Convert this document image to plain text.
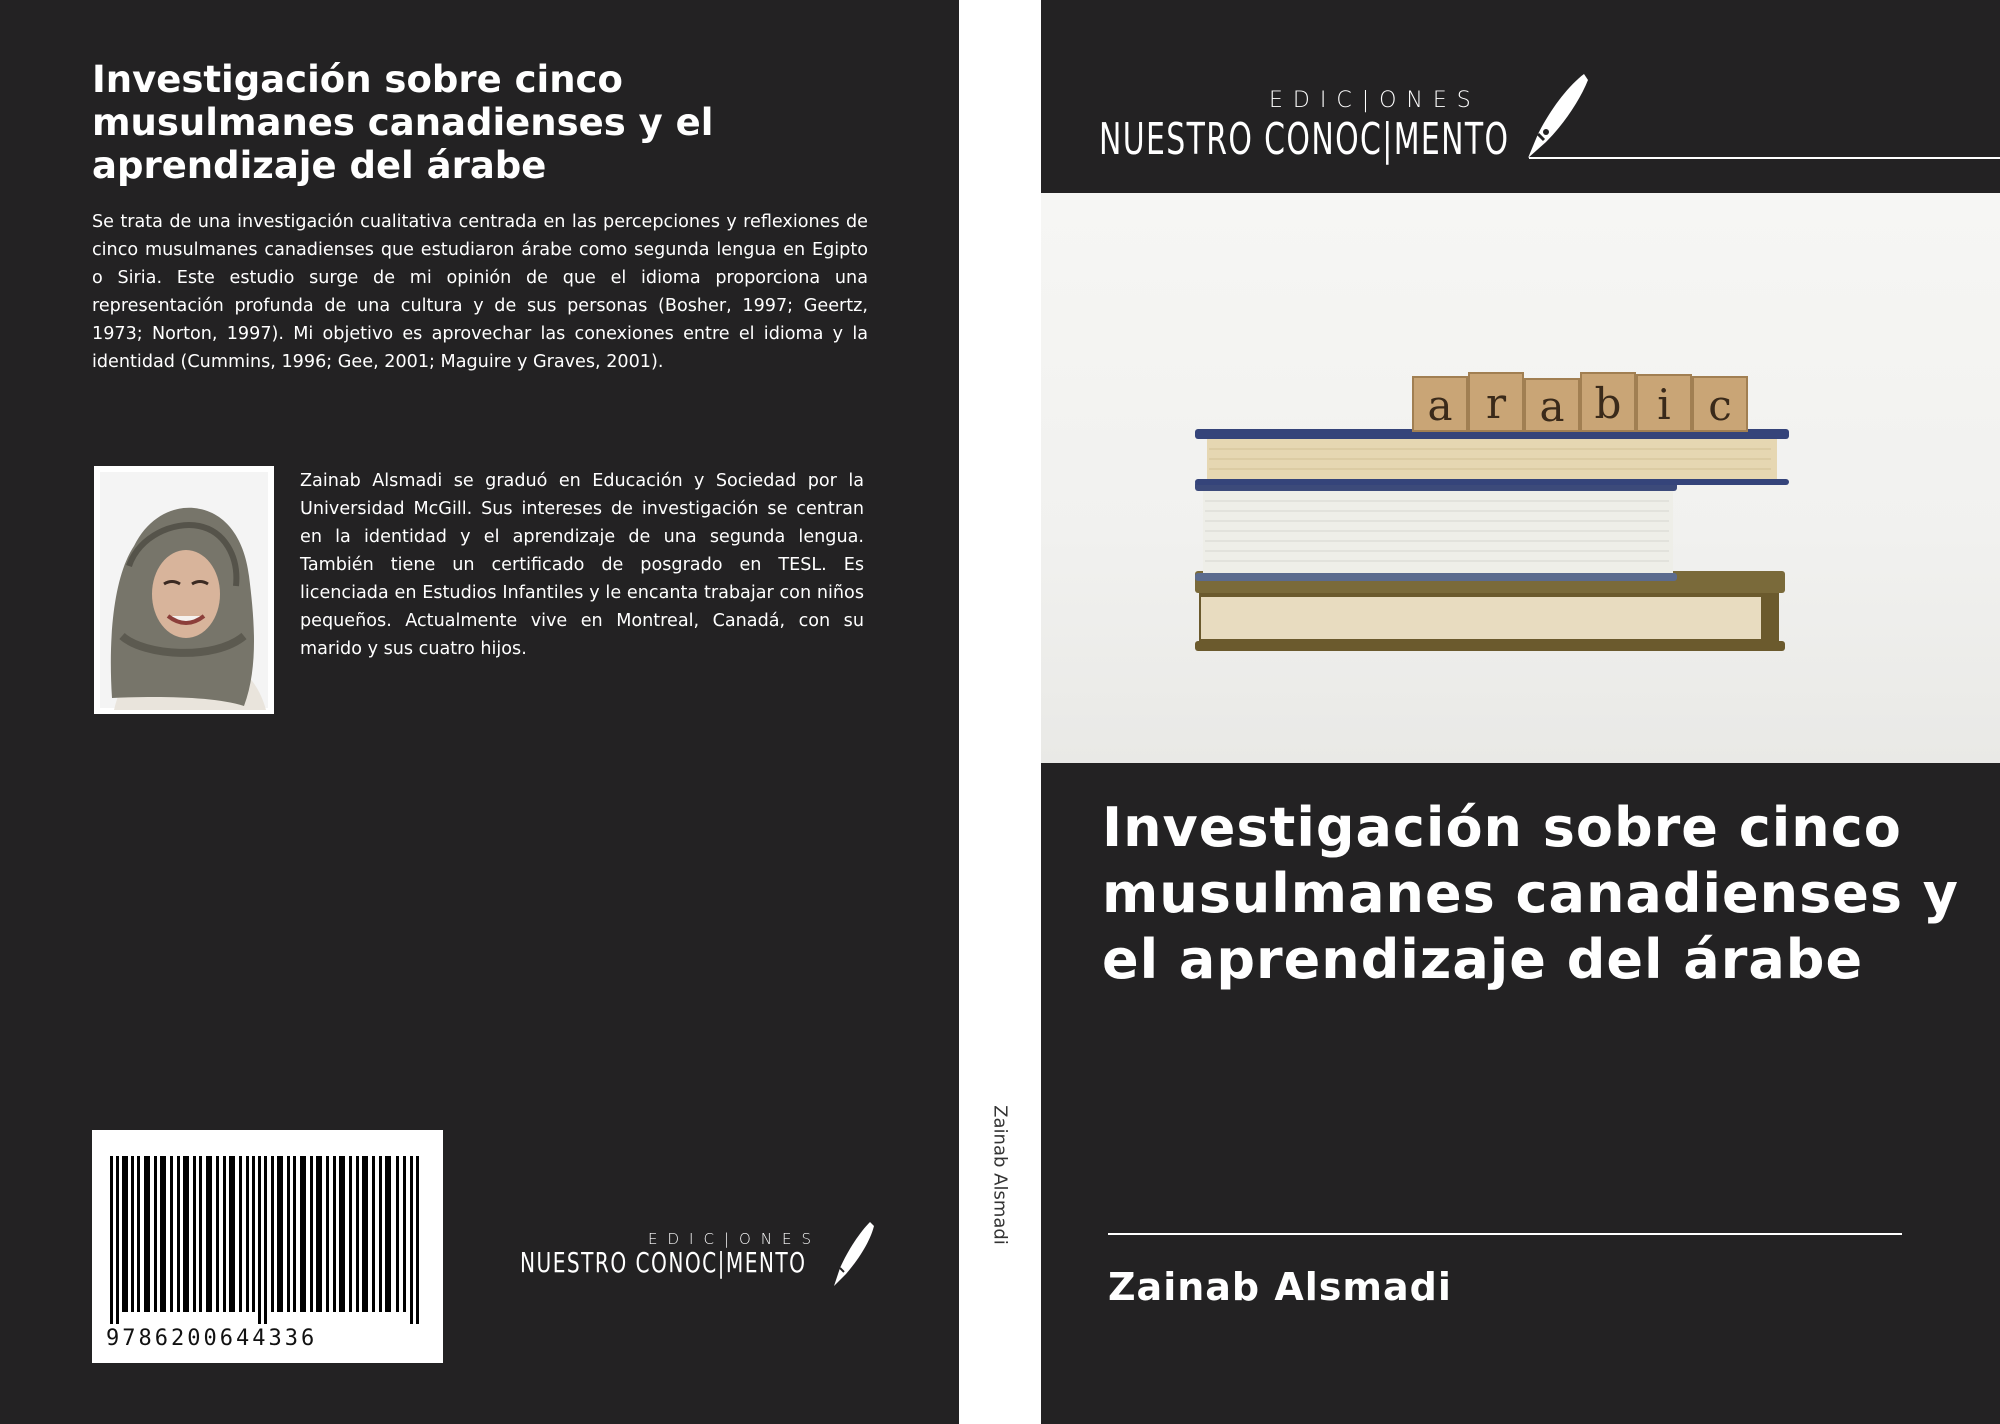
Investigación sobre cinco musulmanes canadienses y el aprendizaje del árabe
Se trata de una investigación cualitativa centrada en las percepciones y reflexiones de cinco musulmanes canadienses que estudiaron árabe como segunda lengua en Egipto o Siria. Este estudio surge de mi opinión de que el idioma proporciona una representación profunda de una cultura y de sus personas (Bosher, 1997; Geertz, 1973; Norton, 1997). Mi objetivo es aprovechar las conexiones entre el idioma y la identidad (Cummins, 1996; Gee, 2001; Maguire y Graves, 2001).
Zainab Alsmadi se graduó en Educación y Sociedad por la Universidad McGill. Sus intereses de investigación se centran en la identidad y el aprendizaje de una segunda lengua. También tiene un certificado de posgrado en TESL. Es licenciada en Estudios Infantiles y le encanta trabajar con niños pequeños. Actualmente vive en Montreal, Canadá, con su marido y sus cuatro hijos.
9786200644336
EDIC|ONES
NUESTRO CONOC|MENTO
Zainab Alsmadi
EDIC|ONES
NUESTRO CONOC|MENTO
a r a b i c
Investigación sobre cinco musulmanes canadienses y el aprendizaje del árabe
Zainab Alsmadi
